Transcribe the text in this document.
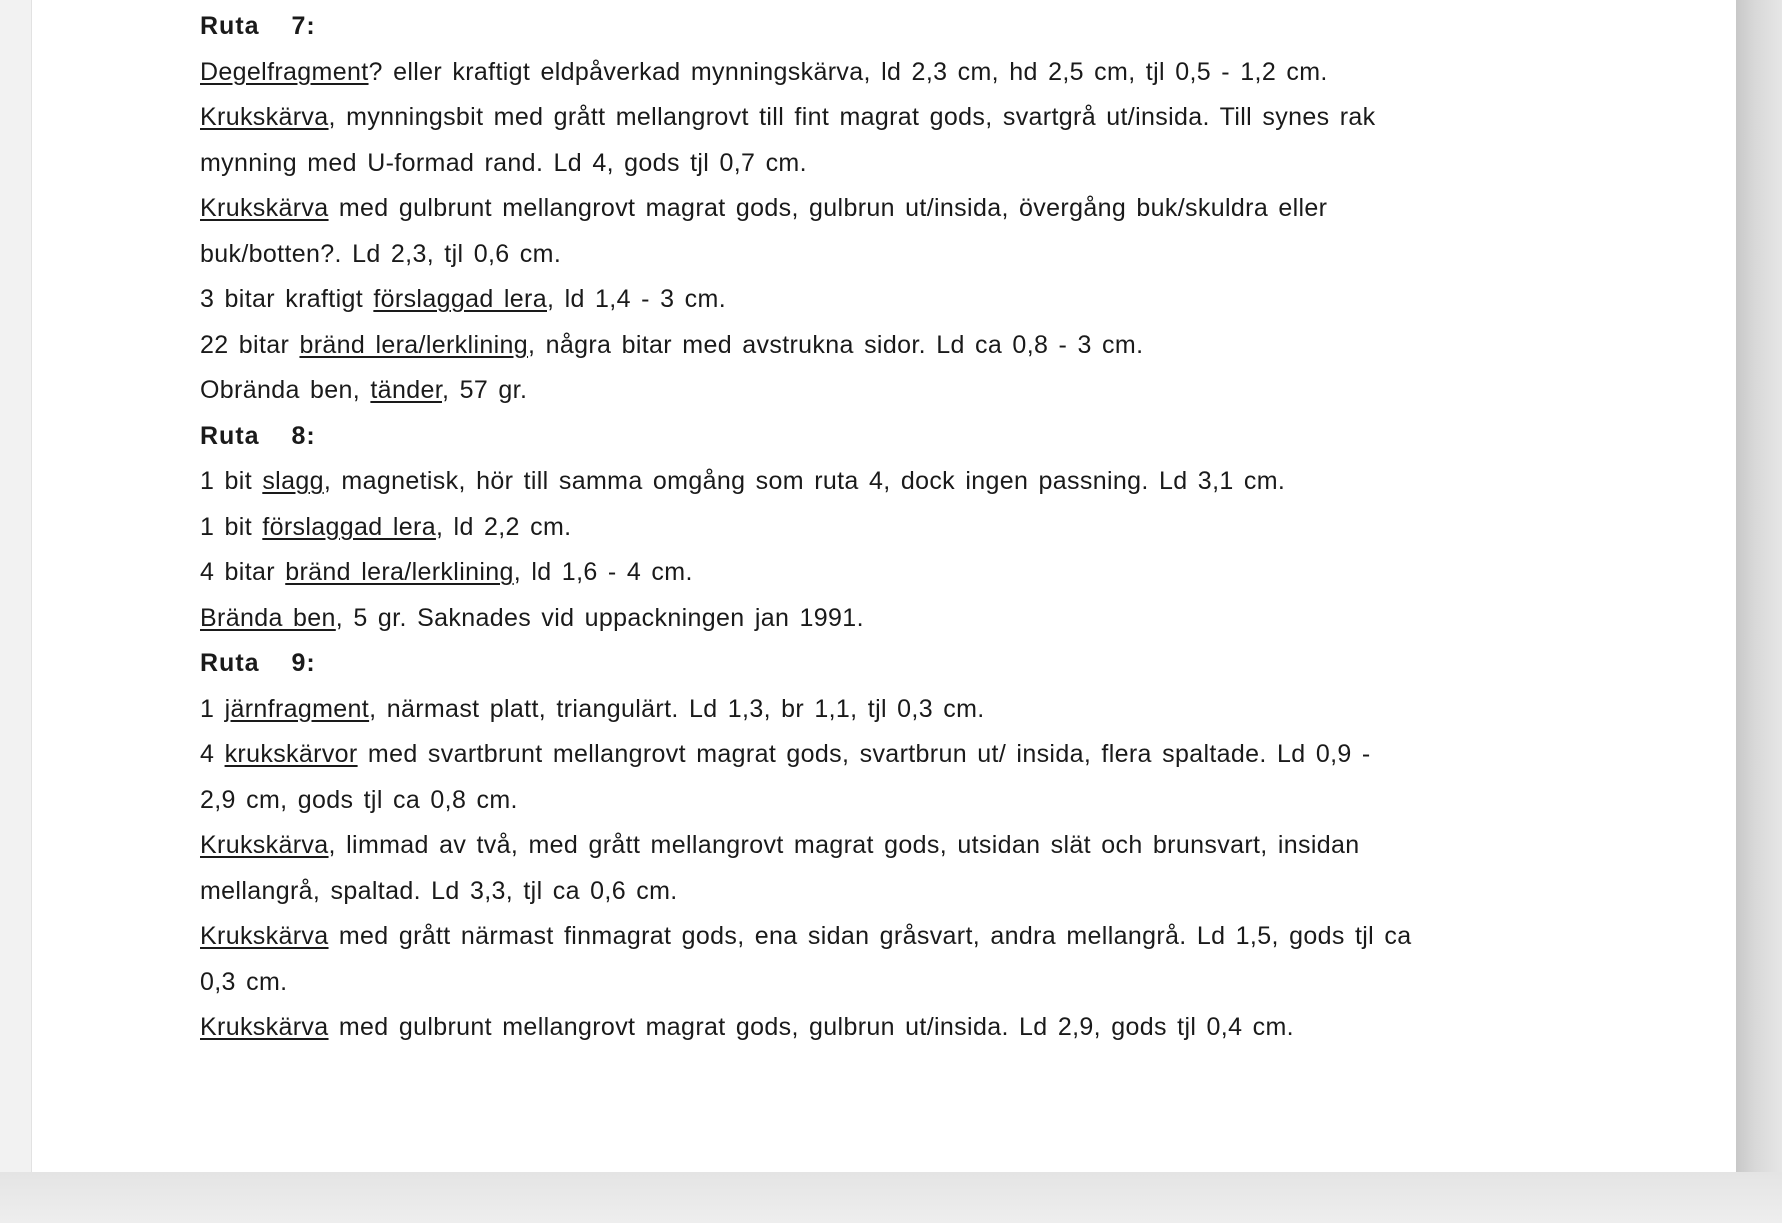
Ruta  7:
Degelfragment? eller kraftigt eldpåverkad mynningskärva, ld 2,3 cm, hd 2,5 cm, tjl 0,5 - 1,2 cm.
Krukskärva, mynningsbit med grått mellangrovt till fint magrat gods, svartgrå ut/insida. Till synes rak
mynning med U-formad rand. Ld 4, gods tjl 0,7 cm.
Krukskärva med gulbrunt mellangrovt magrat gods, gulbrun ut/insida, övergång buk/skuldra eller
buk/botten?. Ld 2,3, tjl 0,6 cm.
3 bitar kraftigt förslaggad lera, ld 1,4 - 3 cm.
22 bitar bränd lera/lerklining, några bitar med avstrukna sidor. Ld ca 0,8 - 3 cm.
Obrända ben, tänder, 57 gr.
Ruta  8:
1 bit slagg, magnetisk, hör till samma omgång som ruta 4, dock ingen passning. Ld 3,1 cm.
1 bit förslaggad lera, ld 2,2 cm.
4 bitar bränd lera/lerklining, ld 1,6 - 4 cm.
Brända ben, 5 gr. Saknades vid uppackningen jan 1991.
Ruta  9:
1 järnfragment, närmast platt, triangulärt. Ld 1,3, br 1,1, tjl 0,3 cm.
4 krukskärvor med svartbrunt mellangrovt magrat gods, svartbrun ut/ insida, flera spaltade. Ld 0,9 -
2,9 cm, gods tjl ca 0,8 cm.
Krukskärva, limmad av två, med grått mellangrovt magrat gods, utsidan slät och brunsvart, insidan
mellangrå, spaltad. Ld 3,3, tjl ca 0,6 cm.
Krukskärva med grått närmast finmagrat gods, ena sidan gråsvart, andra mellangrå. Ld 1,5, gods tjl ca
0,3 cm.
Krukskärva med gulbrunt mellangrovt magrat gods, gulbrun ut/insida. Ld 2,9, gods tjl 0,4 cm.
